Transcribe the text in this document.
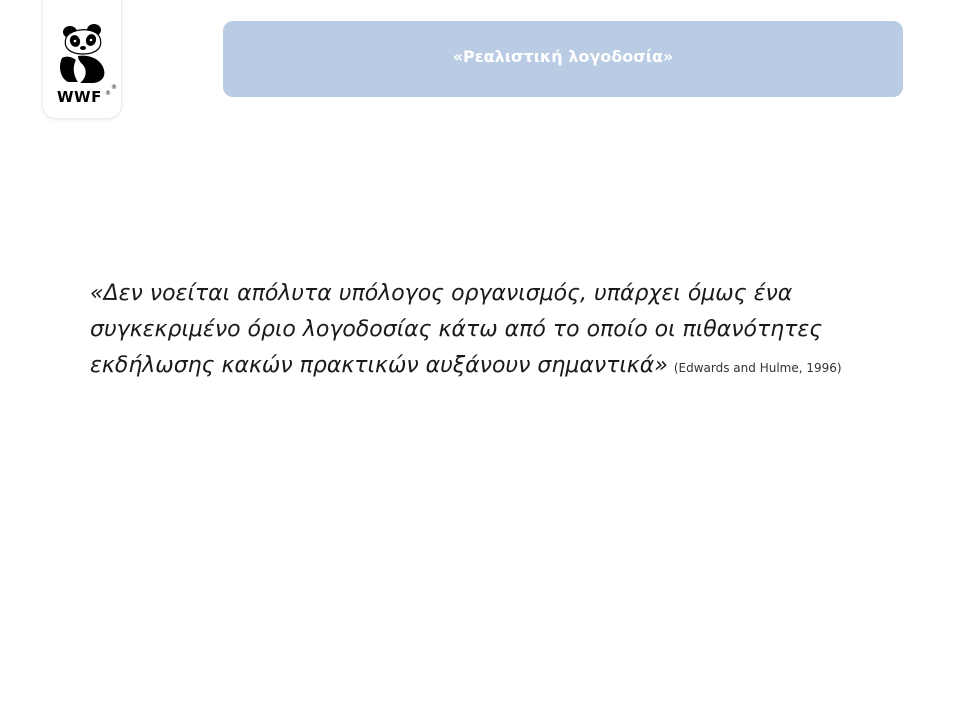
®
WWF ®
«Ρεαλιστική λογοδοσία»
«Δεν νοείται απόλυτα υπόλογος οργανισμός, υπάρχει όμως ένα συγκεκριμένο όριο λογοδοσίας κάτω από το οποίο οι πιθανότητες εκδήλωσης κακών πρακτικών αυξάνουν σημαντικά» (Edwards and Hulme, 1996)
